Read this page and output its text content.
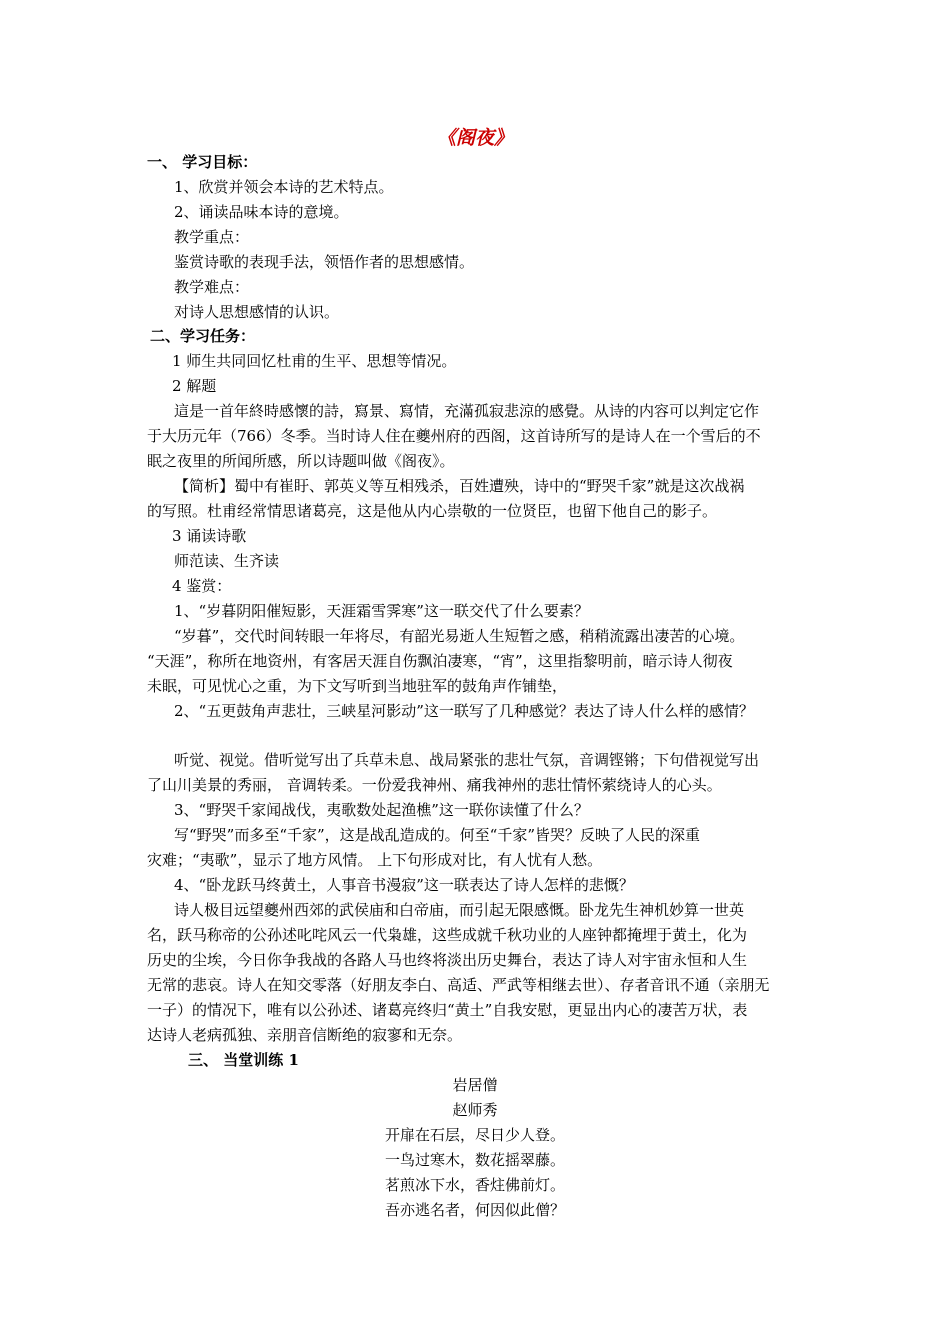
《阁夜》
一、 学习目标：
1、欣赏并领会本诗的艺术特点。
2、诵读品味本诗的意境。
教学重点：
鉴赏诗歌的表现手法，领悟作者的思想感情。
教学难点：
对诗人思想感情的认识。
二、学习任务：
1 师生共同回忆杜甫的生平、思想等情况。
2 解题
這是一首年終時感懷的詩，寫景、寫情，充滿孤寂悲涼的感覺。从诗的内容可以判定它作
于大历元年（766）冬季。当时诗人住在夔州府的西阁，这首诗所写的是诗人在一个雪后的不
眠之夜里的所闻所感，所以诗题叫做《阁夜》。
【简析】蜀中有崔盱、郭英义等互相残杀，百姓遭殃，诗中的“野哭千家”就是这次战祸
的写照。杜甫经常情思诸葛亮，这是他从内心崇敬的一位贤臣，也留下他自己的影子。
3 诵读诗歌
师范读、生齐读
4 鉴赏：
1、“岁暮阴阳催短影，天涯霜雪霁寒”这一联交代了什么要素？
“岁暮”，交代时间转眼一年将尽，有韶光易逝人生短暂之感，稍稍流露出凄苦的心境。
“天涯”，称所在地资州，有客居天涯自伤飘泊凄寒，“宵”，这里指黎明前，暗示诗人彻夜
未眠，可见忧心之重，为下文写听到当地驻军的鼓角声作铺垫，
2、“五更鼓角声悲壮，三峡星河影动”这一联写了几种感觉？表达了诗人什么样的感情？
听觉、视觉。借听觉写出了兵草未息、战局紧张的悲壮气氛，音调铿锵；下句借视觉写出
了山川美景的秀丽， 音调转柔。一份爱我神州、痛我神州的悲壮情怀萦绕诗人的心头。
3、“野哭千家闻战伐，夷歌数处起渔樵”这一联你读懂了什么？
写“野哭”而多至“千家”，这是战乱造成的。何至“千家”皆哭？反映了人民的深重
灾难；“夷歌”，显示了地方风情。 上下句形成对比，有人忧有人愁。
4、“卧龙跃马终黄土，人事音书漫寂”这一联表达了诗人怎样的悲慨？
诗人极目远望夔州西郊的武侯庙和白帝庙，而引起无限感慨。卧龙先生神机妙算一世英
名，跃马称帝的公孙述叱咤风云一代枭雄，这些成就千秋功业的人座钟都掩埋于黄土，化为
历史的尘埃，今日你争我战的各路人马也终将淡出历史舞台，表达了诗人对宇宙永恒和人生
无常的悲哀。诗人在知交零落（好朋友李白、高适、严武等相继去世）、存者音讯不通（亲朋无
一子）的情况下，唯有以公孙述、诸葛亮终归“黄土”自我安慰，更显出内心的凄苦万状，表
达诗人老病孤独、亲朋音信断绝的寂寥和无奈。
三、 当堂训练 1
岩居僧
赵师秀
开扉在石层，尽日少人登。
一鸟过寒木，数花摇翠藤。
茗煎冰下水，香炷佛前灯。
吾亦逃名者，何因似此僧？
